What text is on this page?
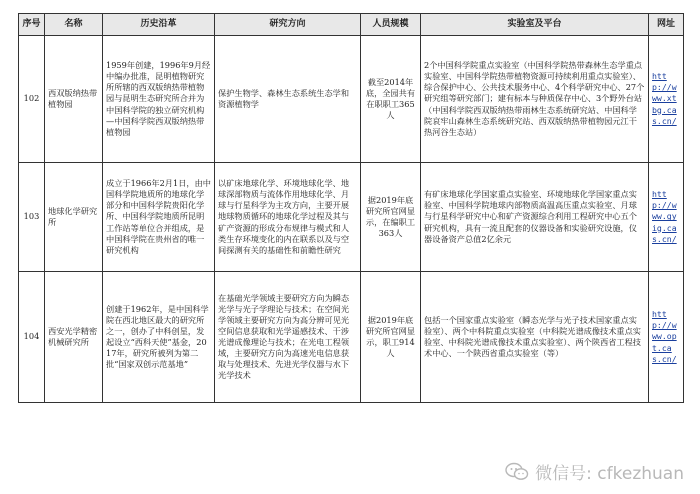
序号	名称	历史沿革	研究方向	人员规模	实验室及平台	网址
102	西双版纳热带植物园	1959年创建，1996年9月经中编办批准，昆明植物研究所所辖的西双版纳热带植物园与昆明生态研究所合并为中国科学院的独立研究机构—中国科学院西双版纳热带植物园	保护生物学、森林生态系统生态学和资源植物学	截至2014年底，全园共有在职职工365人	2个中国科学院重点实验室（中国科学院热带森林生态学重点实验室、中国科学院热带植物资源可持续利用重点实验室）、综合保护中心、公共技术服务中心、4个科学研究中心、27个研究组等研究部门；建有标本与种质保存中心、3个野外台站（中国科学院西双版纳热带雨林生态系统研究站、中国科学院哀牢山森林生态系统研究站、西双版纳热带植物园元江干热河谷生态站）	http://www.xtbg.cas.cn/
103	地球化学研究所	成立于1966年2月1日，由中国科学院地质所的地球化学部分和中国科学院贵阳化学所、中国科学院地质所昆明工作站等单位合并组成，是中国科学院在贵州省的唯一研究机构	以矿床地球化学、环境地球化学、地球深部物质与流体作用地球化学、月球与行星科学为主攻方向，主要开展地球物质循环的地球化学过程及其与矿产资源的形成分布规律与模式和人类生存环境变化的内在联系以及与空间探测有关的基础性和前瞻性研究	据2019年底研究所官网显示，在编职工363人	有矿床地球化学国家重点实验室、环境地球化学国家重点实验室、中国科学院地球内部物质高温高压重点实验室、月球与行星科学研究中心和矿产资源综合利用工程研究中心五个研究机构，具有一流且配套的仪器设备和实验研究设施，仪器设备资产总值2亿余元	http://www.gyig.cas.cn/
104	西安光学精密机械研究所	创建于1962年，是中国科学院在西北地区最大的研究所之一，创办了中科创星，发起设立“西科天使”基金，2017年，研究所被列为第二批“国家双创示范基地”	在基础光学领域主要研究方向为瞬态光学与光子学理论与技术；在空间光学领域主要研究方向为高分辨可见光空间信息获取和光学遥感技术、干涉光谱成像理论与技术；在光电工程领域，主要研究方向为高速光电信息获取与处理技术、先进光学仪器与水下光学技术	据2019年底研究所官网显示，职工914人	包括一个国家重点实验室（瞬态光学与光子技术国家重点实验室）、两个中科院重点实验室（中科院光谱成像技术重点实验室、中科院光谱成像技术重点实验室）、两个陕西省工程技术中心、一个陕西省重点实验室（等）	http://www.opt.cas.cn/
微信号: cfkezhuan
